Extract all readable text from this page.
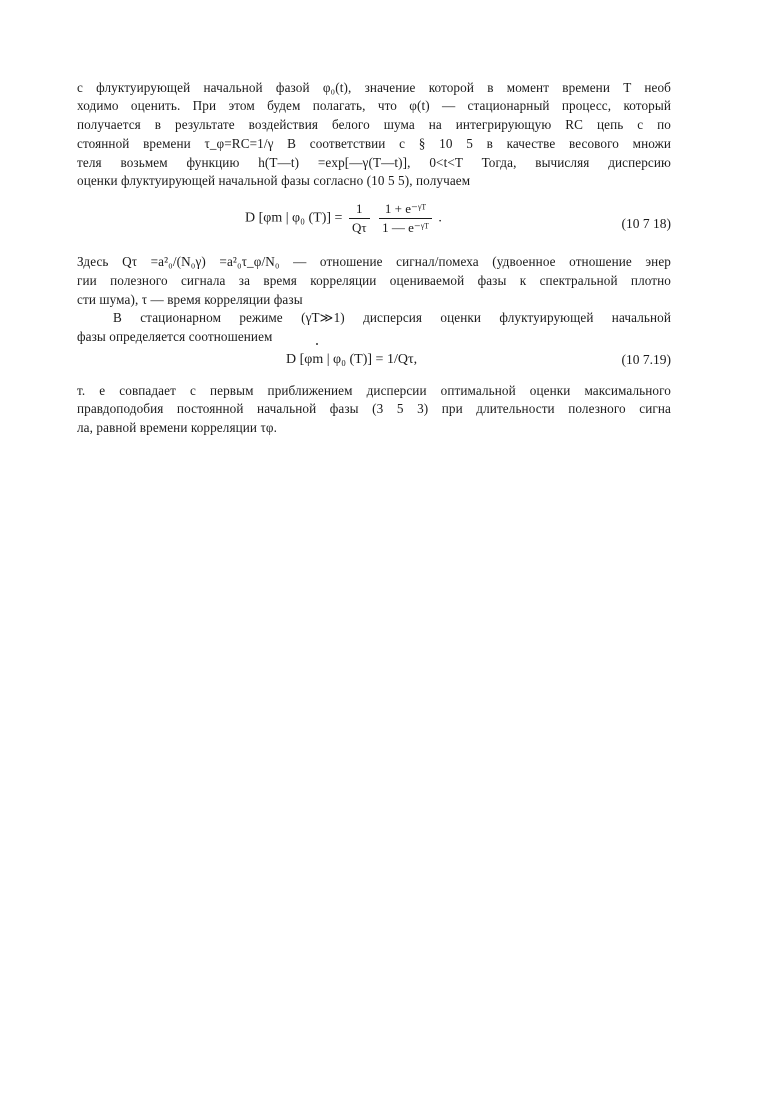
с флуктуирующей начальной фазой φ₀(t), значение которой в момент времени T необ
ходимо оценить. При этом будем полагать, что φ(t) — стационарный процесс, который
получается в результате воздействия белого шума на интегрирующую RC цепь с по
стоянной времени τ_φ=RC=1/γ В соответствии с § 10 5 в качестве весового множи
теля возьмем функцию h(T—t) =exp[—γ(T—t)], 0<t<T Тогда, вычисляя дисперсию
оценки флуктуирующей начальной фазы согласно (10 5 5), получаем
D [φm | φ₀ $(T)] = \frac{1}{Q\tau}$
$\frac{\text{1 + e⁻ᵞᵀ}}{\text{1 — e⁻ᵞᵀ}}$ .	(10 7 18)
Здесь Qτ =a²₀/(N₀γ) =a²₀τ_φ/N₀ — отношение сигнал/помеха (удвоенное отношение энер
гии полезного сигнала за время корреляции оцениваемой фазы к спектральной плотно
сти шума), τ — время корреляции фазы
В стационарном режиме (γT≫1) дисперсия оценки флуктуирующей начальной
фазы определяется соотношением
D [φm | φ₀ (T)] = 1/Qτ,	(10 7.19)
т. е совпадает с первым приближением дисперсии оптимальной оценки максимального
правдоподобия постоянной начальной фазы (3 5 3) при длительности полезного сигна
ла, равной времени корреляции τφ.
